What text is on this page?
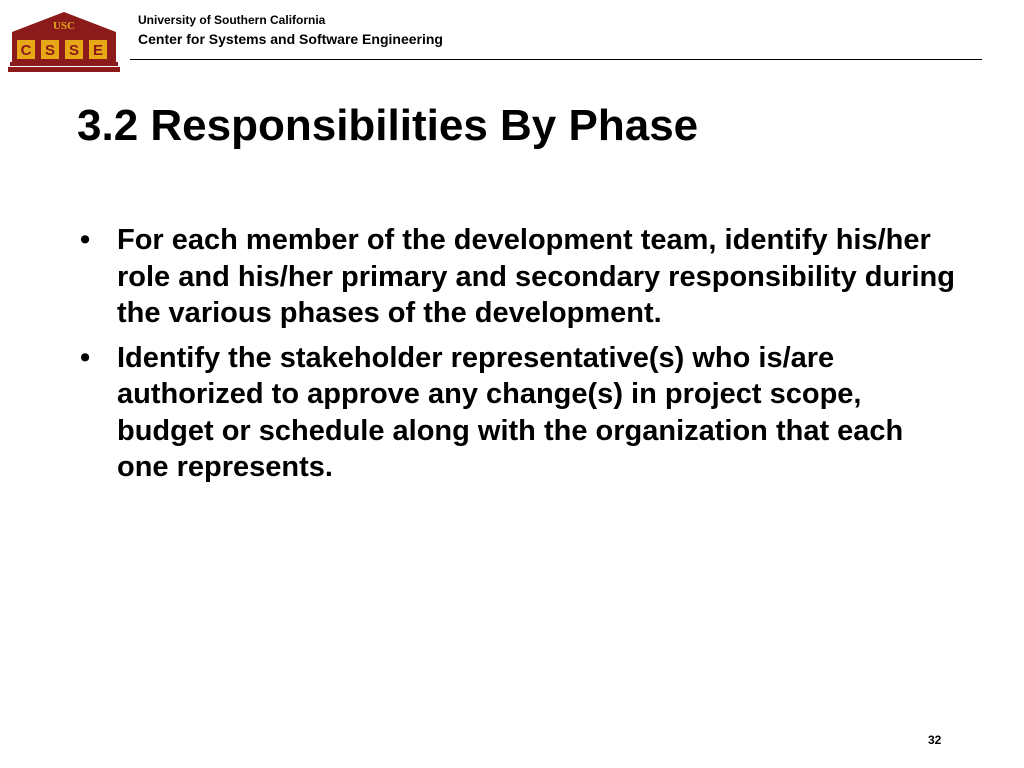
USC
C S S E
University of Southern California
Center for Systems and Software Engineering
3.2 Responsibilities By Phase
• For each member of the development team, identify his/her role and his/her primary and secondary responsibility during the various phases of the development.
• Identify the stakeholder representative(s) who is/are authorized to approve any change(s) in project scope, budget or schedule along with the organization that each one represents.
32
